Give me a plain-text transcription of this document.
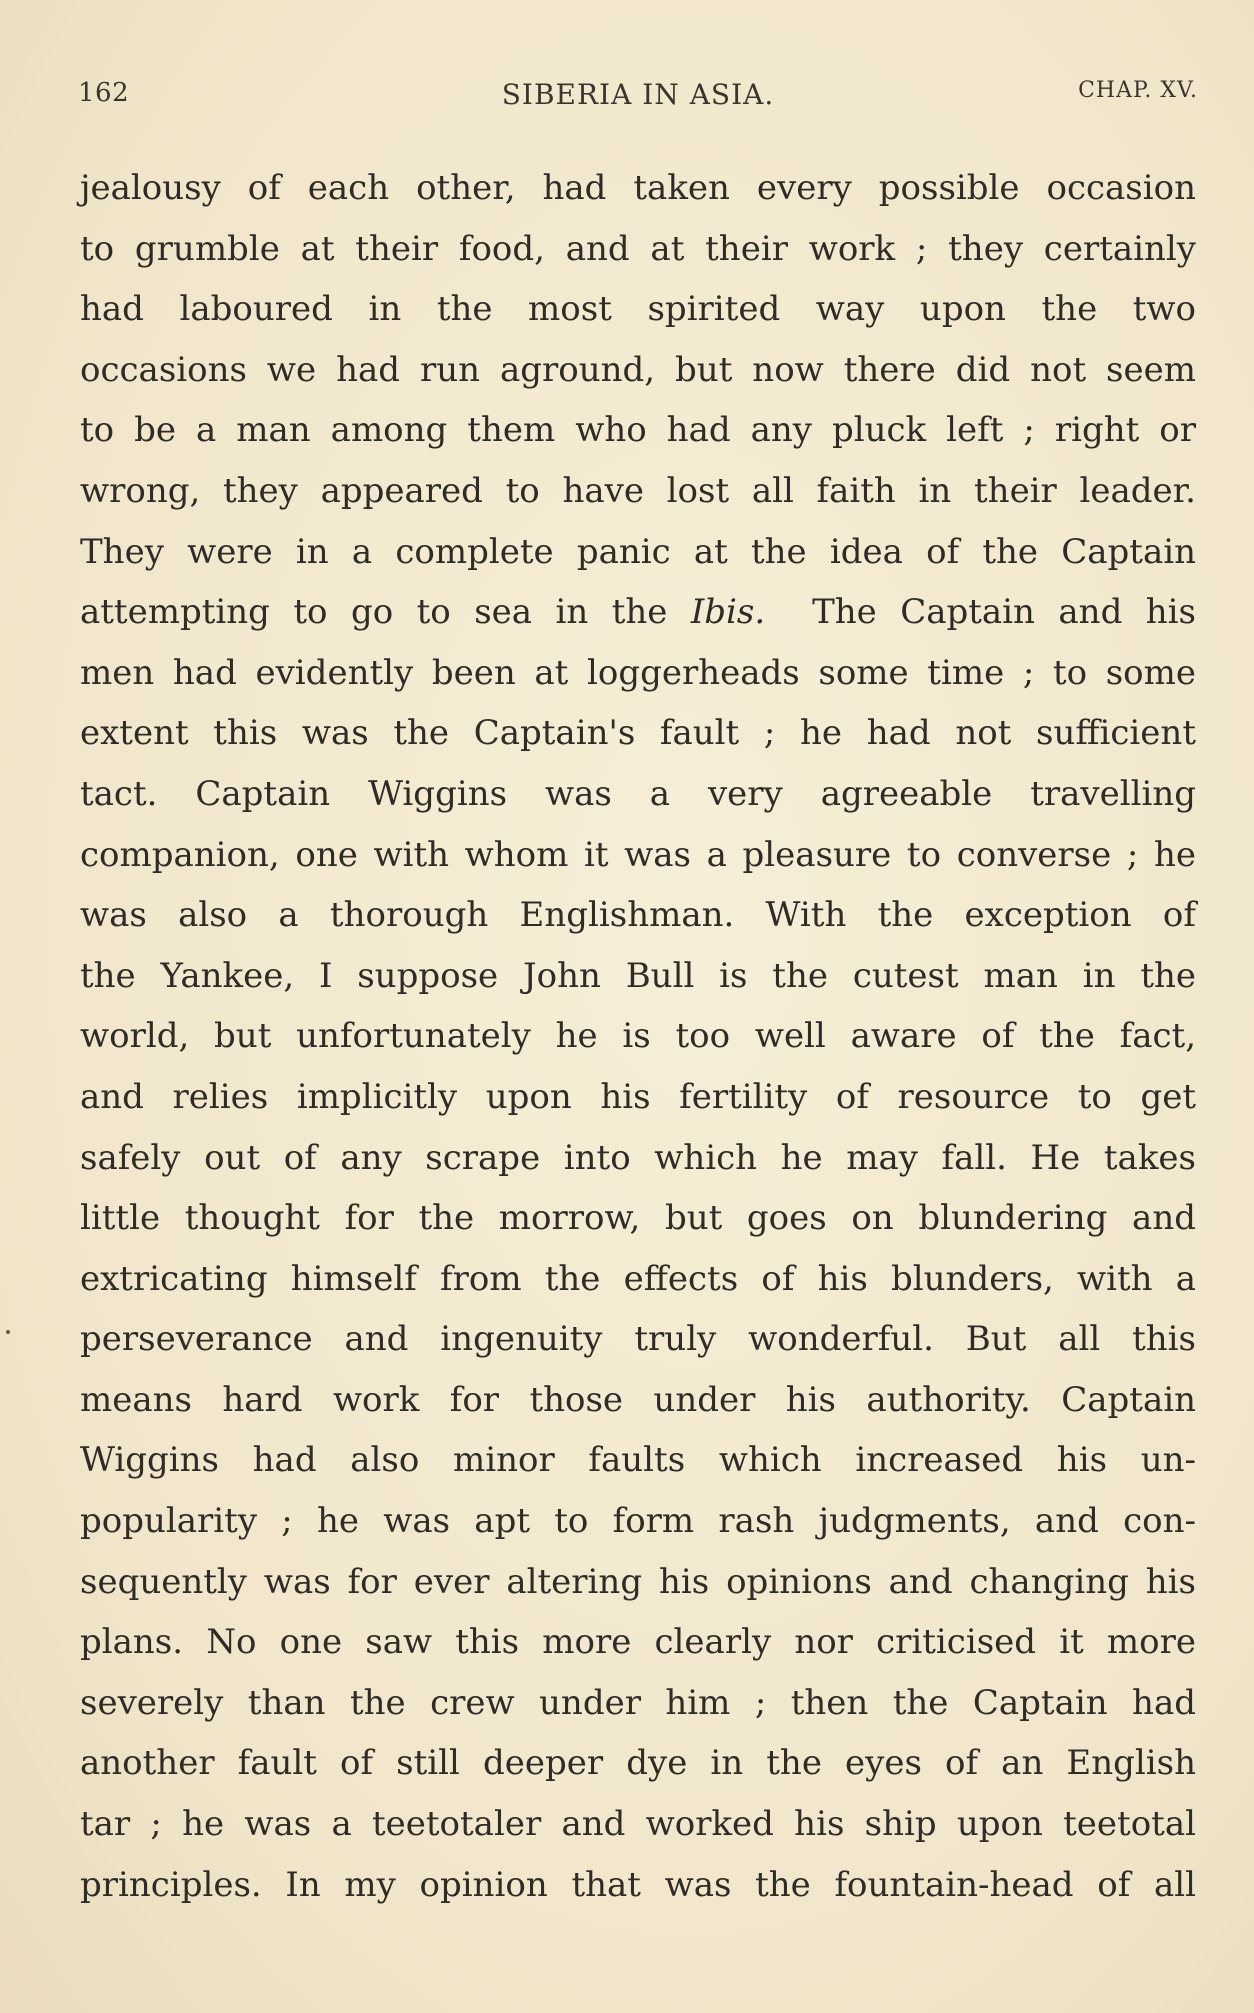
162	SIBERIA IN ASIA.	CHAP. XV.
jealousy of each other, had taken every possible occasion
to grumble at their food, and at their work ; they certainly
had laboured in the most spirited way upon the two
occasions we had run aground, but now there did not seem
to be a man among them who had any pluck left ; right or
wrong, they appeared to have lost all faith in their leader.
They were in a complete panic at the idea of the Captain
attempting to go to sea in the Ibis. The Captain and his
men had evidently been at loggerheads some time ; to some
extent this was the Captain's fault ; he had not sufficient
tact. Captain Wiggins was a very agreeable travelling
companion, one with whom it was a pleasure to converse ; he
was also a thorough Englishman. With the exception of
the Yankee, I suppose John Bull is the cutest man in the
world, but unfortunately he is too well aware of the fact,
and relies implicitly upon his fertility of resource to get
safely out of any scrape into which he may fall. He takes
little thought for the morrow, but goes on blundering and
extricating himself from the effects of his blunders, with a
perseverance and ingenuity truly wonderful. But all this
means hard work for those under his authority. Captain
Wiggins had also minor faults which increased his un-
popularity ; he was apt to form rash judgments, and con-
sequently was for ever altering his opinions and changing his
plans. No one saw this more clearly nor criticised it more
severely than the crew under him ; then the Captain had
another fault of still deeper dye in the eyes of an English
tar ; he was a teetotaler and worked his ship upon teetotal
principles. In my opinion that was the fountain-head of all
